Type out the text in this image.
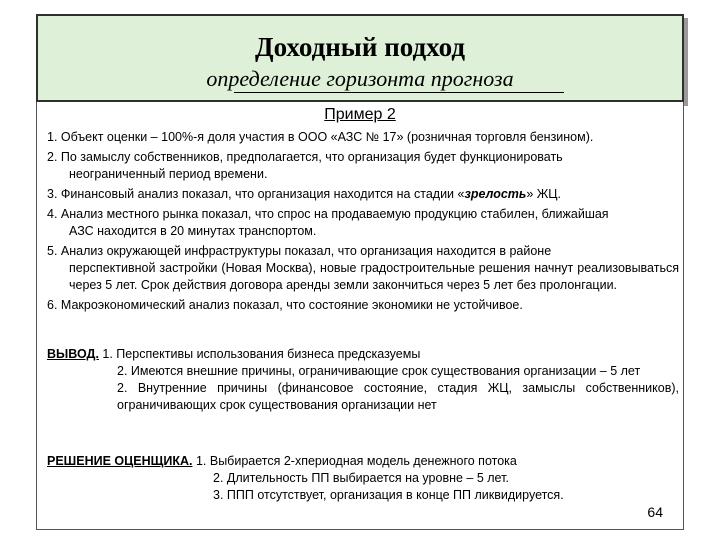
Доходный подход
определение горизонта прогноза
Пример 2
1. Объект оценки – 100%-я доля участия в ООО «АЗС № 17» (розничная торговля бензином).
2. По замыслу собственников, предполагается, что организация будет функционировать
неограниченный период времени.
3. Финансовый анализ показал, что организация находится на стадии «зрелость» ЖЦ.
4. Анализ местного рынка показал, что спрос на продаваемую продукцию стабилен, ближайшая
АЗС находится в 20 минутах транспортом.
5. Анализ окружающей инфраструктуры показал, что организация находится в районе
перспективной застройки (Новая Москва), новые градостроительные решения начнут реализовываться через 5 лет. Срок действия договора аренды земли закончиться через 5 лет без пролонгации.
6. Макроэкономический анализ показал, что состояние экономики не устойчивое.
ВЫВОД. 1. Перспективы использования бизнеса предсказуемы
2. Имеются внешние причины, ограничивающие срок существования организации – 5 лет
2. Внутренние причины (финансовое состояние, стадия ЖЦ, замыслы собственников), ограничивающих срок существования организации нет
РЕШЕНИЕ ОЦЕНЩИКА. 1. Выбирается 2-хпериодная модель денежного потока
2. Длительность ПП выбирается на уровне – 5 лет.
3. ППП отсутствует, организация в конце ПП ликвидируется.
64
